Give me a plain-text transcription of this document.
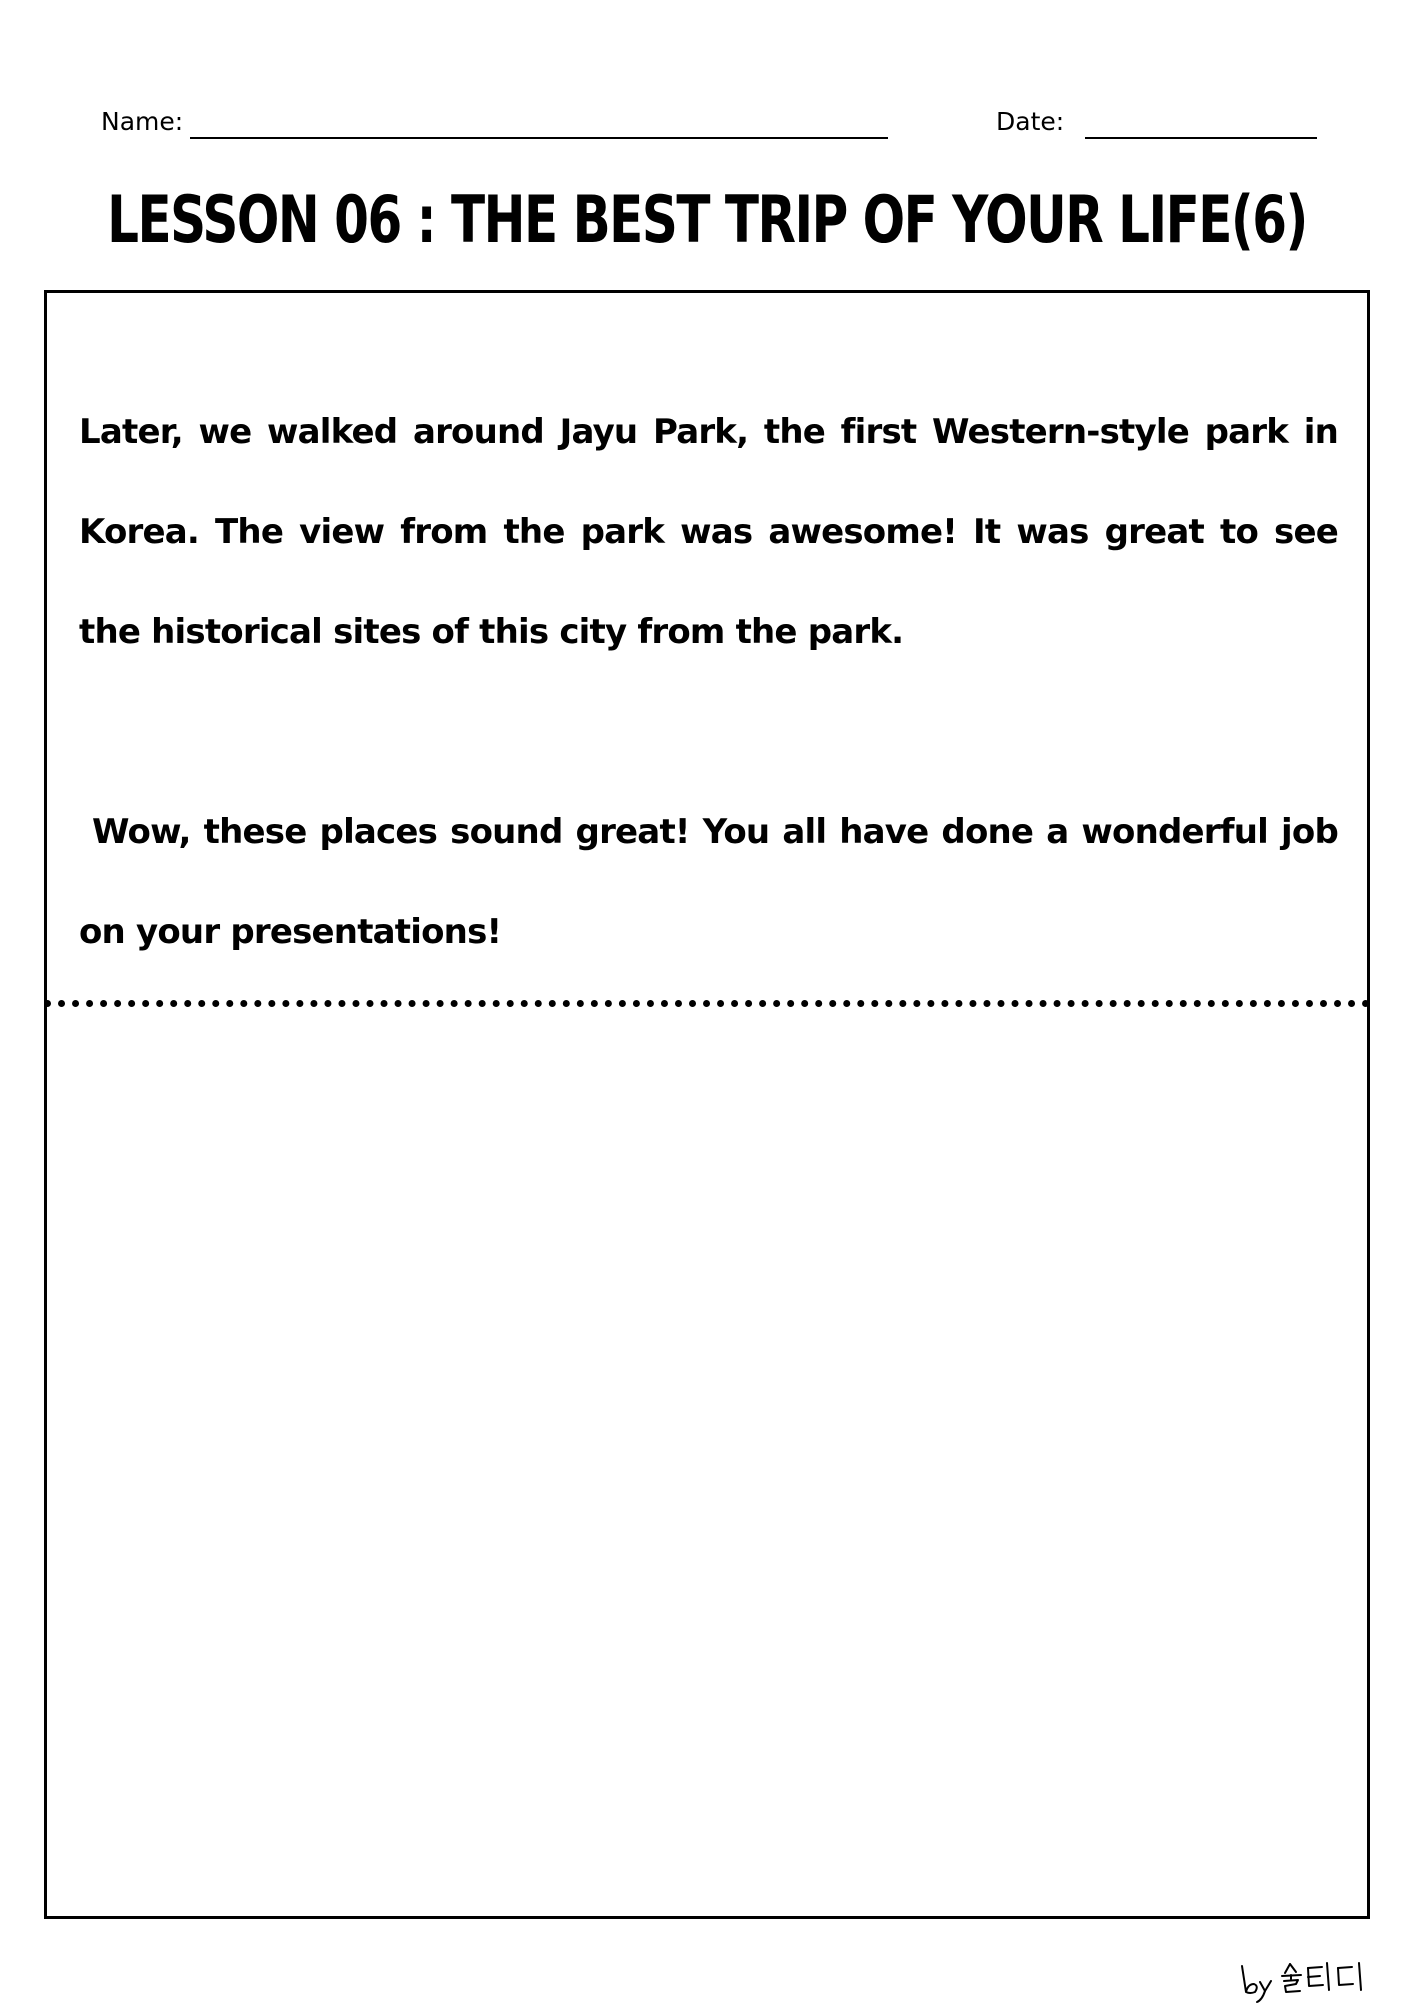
Name:	Date:
LESSON 06 : THE BEST TRIP OF YOUR LIFE(6)

Later, we walked around Jayu Park, the first Western-style park in Korea. The view from the park was awesome! It was great to see the historical sites of this city from the park.

Wow, these places sound great! You all have done a wonderful job on your presentations!
